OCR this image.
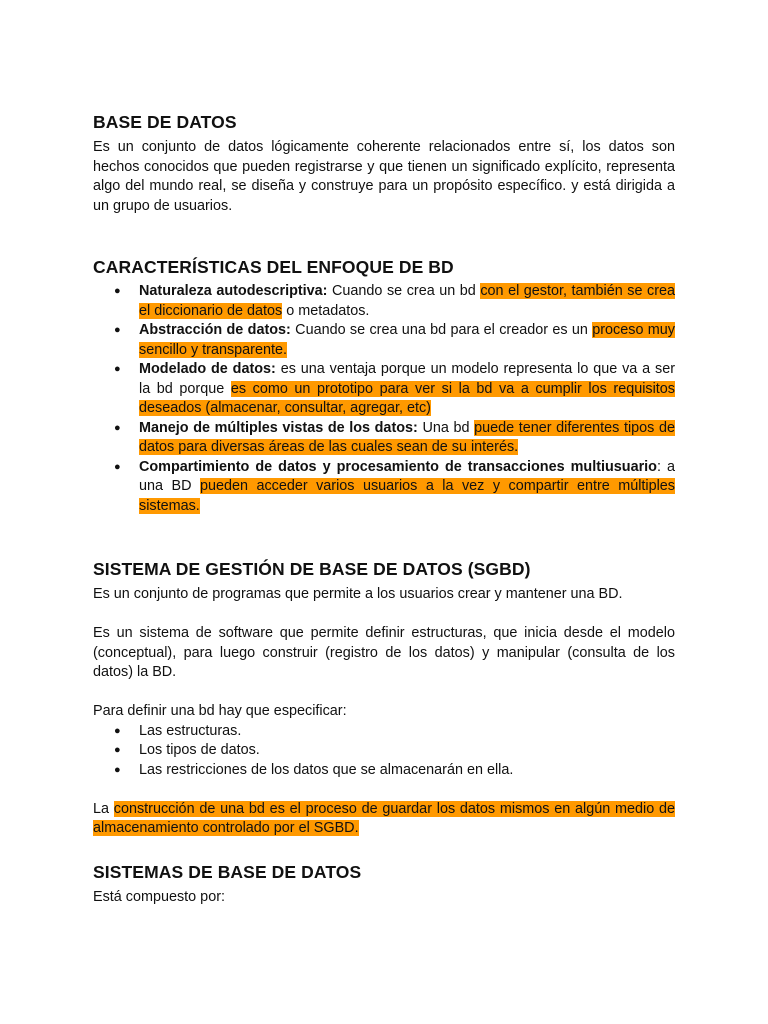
BASE DE DATOS

Es un conjunto de datos lógicamente coherente relacionados entre sí, los datos son hechos conocidos que pueden registrarse y que tienen un significado explícito, representa algo del mundo real, se diseña y construye para un propósito específico. y está dirigida a un grupo de usuarios.

CARACTERÍSTICAS DEL ENFOQUE DE BD
● Naturaleza autodescriptiva: Cuando se crea un bd con el gestor, también se crea el diccionario de datos o metadatos.
● Abstracción de datos: Cuando se crea una bd para el creador es un proceso muy sencillo y transparente.
● Modelado de datos: es una ventaja porque un modelo representa lo que va a ser la bd porque es como un prototipo para ver si la bd va a cumplir los requisitos deseados (almacenar, consultar, agregar, etc)
● Manejo de múltiples vistas de los datos: Una bd puede tener diferentes tipos de datos para diversas áreas de las cuales sean de su interés.
● Compartimiento de datos y procesamiento de transacciones multiusuario: a una BD pueden acceder varios usuarios a la vez y compartir entre múltiples sistemas.
SISTEMA DE GESTIÓN DE BASE DE DATOS (SGBD)

Es un conjunto de programas que permite a los usuarios crear y mantener una BD.

Es un sistema de software que permite definir estructuras, que inicia desde el modelo (conceptual), para luego construir (registro de los datos) y manipular (consulta de los datos) la BD.

Para definir una bd hay que especificar:

● Las estructuras.
● Los tipos de datos.
● Las restricciones de los datos que se almacenarán en ella.

La construcción de una bd es el proceso de guardar los datos mismos en algún medio de almacenamiento controlado por el SGBD.

SISTEMAS DE BASE DE DATOS

Está compuesto por:
